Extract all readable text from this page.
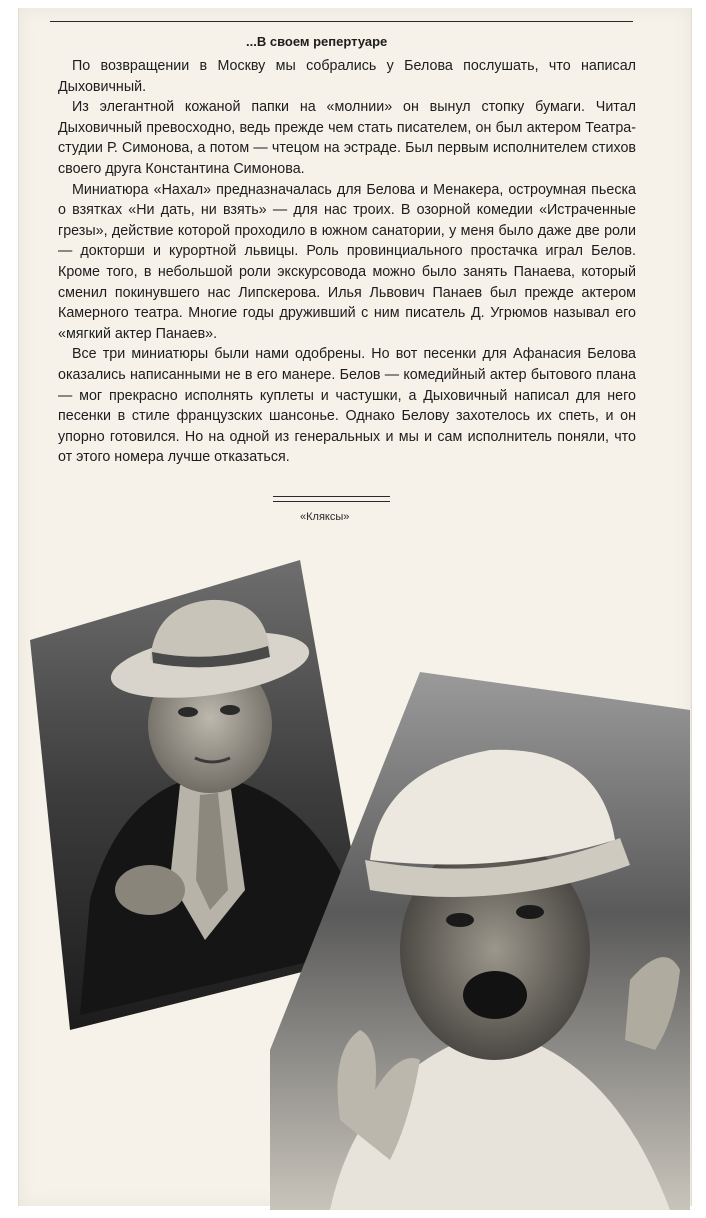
...В своем репертуаре

По возвращении в Москву мы собрались у Белова послушать, что написал Дыховичный.

Из элегантной кожаной папки на «молнии» он вынул стопку бумаги. Читал Дыховичный превосходно, ведь прежде чем стать писателем, он был актером Театра-студии Р. Симонова, а потом — чтецом на эстраде. Был первым исполнителем стихов своего друга Константина Симонова.

Миниатюра «Нахал» предназначалась для Белова и Менакера, остроумная пьеска о взятках «Ни дать, ни взять» — для нас троих. В озорной комедии «Истраченные грезы», действие которой проходило в южном санатории, у меня было даже две роли — докторши и курортной львицы. Роль провинциального простачка играл Белов. Кроме того, в небольшой роли экскурсовода можно было занять Панаева, который сменил покинувшего нас Липскерова. Илья Львович Панаев был прежде актером Камерного театра. Многие годы друживший с ним писатель Д. Угрюмов называл его «мягкий актер Панаев».

Все три миниатюры были нами одобрены. Но вот песенки для Афанасия Белова оказались написанными не в его манере. Белов — комедийный актер бытового плана — мог прекрасно исполнять куплеты и частушки, а Дыховичный написал для него песенки в стиле французских шансонье. Однако Белову захотелось их спеть, и он упорно готовился. Но на одной из генеральных и мы и сам исполнитель поняли, что от этого номера лучше отказаться.

«Кляксы»
